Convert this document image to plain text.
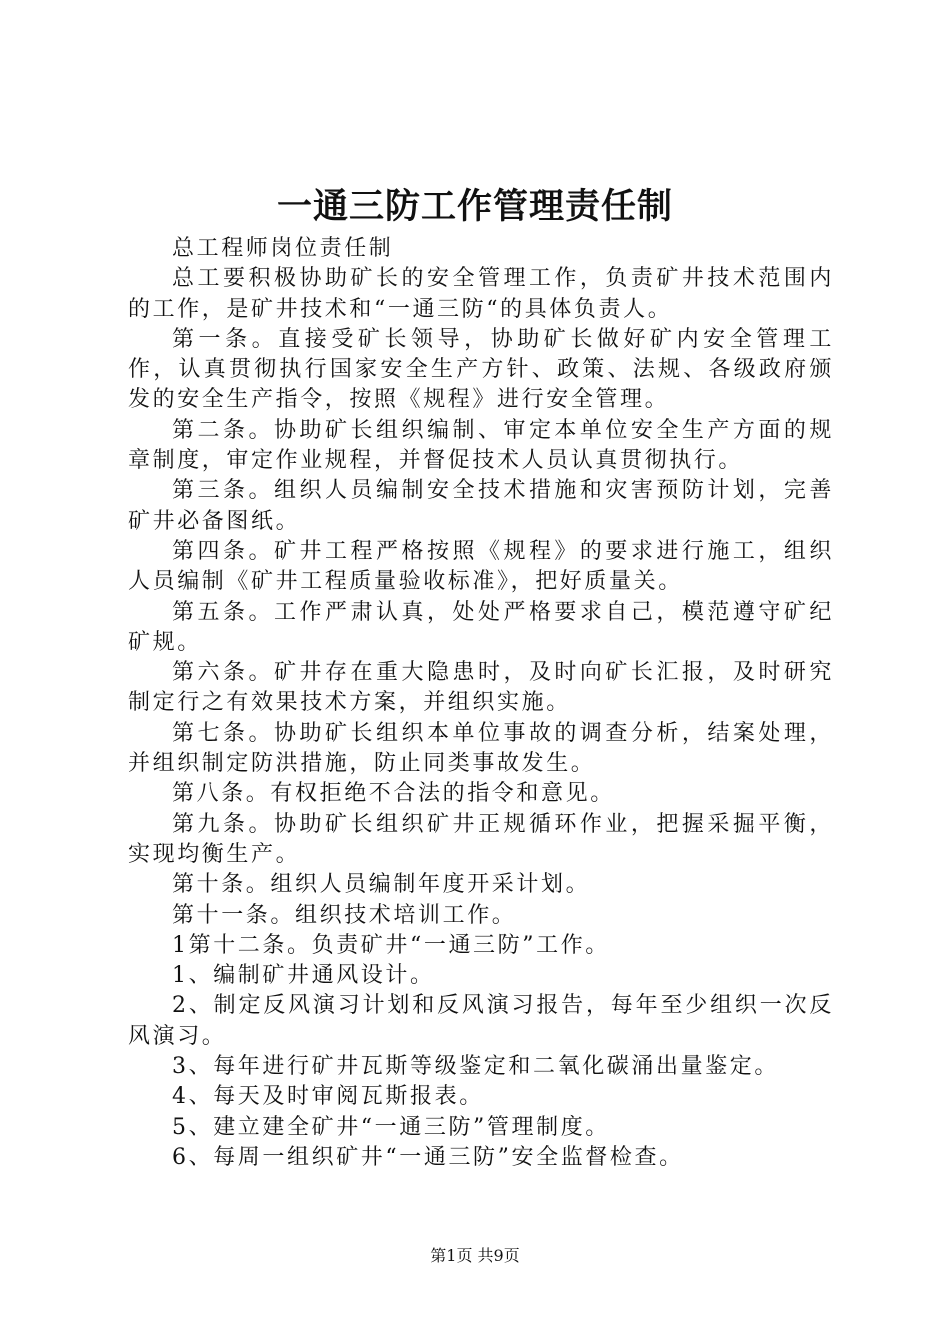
一通三防工作管理责任制

总工程师岗位责任制

总工要积极协助矿长的安全管理工作，负责矿井技术范围内的工作，是矿井技术和“一通三防“的具体负责人。

第一条。直接受矿长领导，协助矿长做好矿内安全管理工作，认真贯彻执行国家安全生产方针、政策、法规、各级政府颁发的安全生产指令，按照《规程》进行安全管理。

第二条。协助矿长组织编制、审定本单位安全生产方面的规章制度，审定作业规程，并督促技术人员认真贯彻执行。

第三条。组织人员编制安全技术措施和灾害预防计划，完善矿井必备图纸。

第四条。矿井工程严格按照《规程》的要求进行施工，组织人员编制《矿井工程质量验收标准》，把好质量关。

第五条。工作严肃认真，处处严格要求自己，模范遵守矿纪矿规。

第六条。矿井存在重大隐患时，及时向矿长汇报，及时研究制定行之有效果技术方案，并组织实施。

第七条。协助矿长组织本单位事故的调查分析，结案处理，并组织制定防洪措施，防止同类事故发生。

第八条。有权拒绝不合法的指令和意见。

第九条。协助矿长组织矿井正规循环作业，把握采掘平衡，实现均衡生产。

第十条。组织人员编制年度开采计划。

第十一条。组织技术培训工作。

1第十二条。负责矿井“一通三防”工作。

1、编制矿井通风设计。

2、制定反风演习计划和反风演习报告，每年至少组织一次反风演习。

3、每年进行矿井瓦斯等级鉴定和二氧化碳涌出量鉴定。

4、每天及时审阅瓦斯报表。

5、建立建全矿井“一通三防”管理制度。

6、每周一组织矿井“一通三防”安全监督检查。

第1页 共9页
